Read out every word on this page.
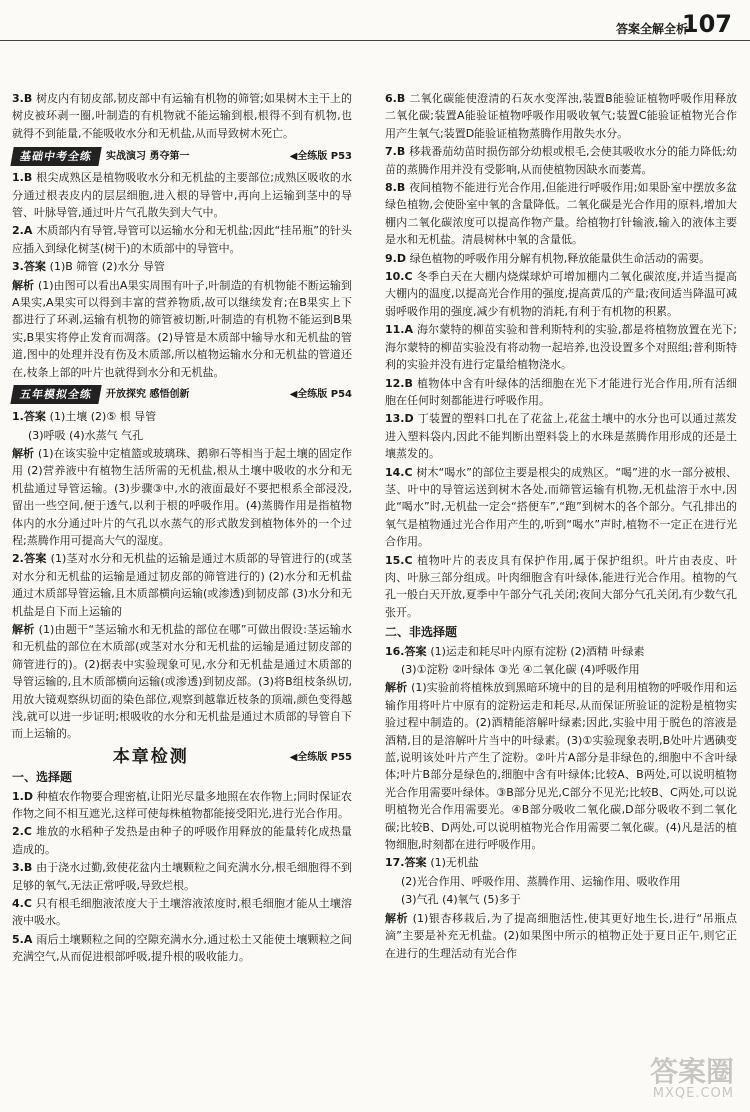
答案全解全析
107

3.B 树皮内有韧皮部,韧皮部中有运输有机物的筛管;如果树木主干上的树皮被环剥一圈,叶制造的有机物就不能运输到根,根得不到有机物,也就得不到能量,不能吸收水分和无机盐,从而导致树木死亡。

基础中考全练	实战演习 勇夺第一	◀全练版 P53

1.B 根尖成熟区是植物吸收水分和无机盐的主要部位;成熟区吸收的水分通过根表皮内的层层细胞,进入根的导管中,再向上运输到茎中的导管、叶脉导管,通过叶片气孔散失到大气中。

2.A 木质部内有导管,导管可以运输水分和无机盐;因此“挂吊瓶”的针头应插入到绿化树茎(树干)的木质部中的导管中。

3.答案 (1)B 筛管 (2)水分 导管

解析 (1)由图可以看出A果实周围有叶子,叶制造的有机物能不断运输到A果实,A果实可以得到丰富的营养物质,故可以继续发育;在B果实上下都进行了环剥,运输有机物的筛管被切断,叶制造的有机物不能运到B果实,B果实将停止发育而凋落。(2)导管是木质部中输导水和无机盐的管道,图中的处理并没有伤及木质部,所以植物运输水分和无机盐的管道还在,枝条上部的叶片也就得到水分和无机盐。

五年模拟全练	开放探究 感悟创新	◀全练版 P54

1.答案 (1)土壤 (2)⑤ 根 导管

(3)呼吸 (4)水蒸气 气孔

解析 (1)在该实验中定植篮或玻璃珠、鹅卵石等相当于起土壤的固定作用 (2)营养液中有植物生活所需的无机盐,根从土壤中吸收的水分和无机盐通过导管运输。(3)步骤③中,水的液面最好不要把根系全部浸没,留出一些空间,便于透气,以利于根的呼吸作用。(4)蒸腾作用是指植物体内的水分通过叶片的气孔以水蒸气的形式散发到植物体外的一个过程;蒸腾作用可提高大气的湿度。

2.答案 (1)茎对水分和无机盐的运输是通过木质部的导管进行的(或茎对水分和无机盐的运输是通过韧皮部的筛管进行的) (2)水分和无机盐通过木质部导管运输,且木质部横向运输(或渗透)到韧皮部 (3)水分和无机盐是自下而上运输的

解析 (1)由题干“茎运输水和无机盐的部位在哪”可做出假设:茎运输水和无机盐的部位在木质部(或茎对水分和无机盐的运输是通过韧皮部的筛管进行的)。(2)据表中实验现象可见,水分和无机盐是通过木质部的导管运输的,且木质部横向运输(或渗透)到韧皮部。(3)将B组枝条纵切,用放大镜观察纵切面的染色部位,观察到越靠近枝条的顶端,颜色变得越浅,就可以进一步证明;根吸收的水分和无机盐是通过木质部的导管自下而上运输的。

本章检测	◀全练版 P55
一、选择题

1.D 种植农作物要合理密植,让阳光尽量多地照在农作物上;同时保证农作物之间不相互遮光,这样可使每株植物都能接受阳光,进行光合作用。

2.C 堆放的水稻种子发热是由种子的呼吸作用释放的能量转化成热量造成的。

3.B 由于浇水过勤,致使花盆内土壤颗粒之间充满水分,根毛细胞得不到足够的氧气,无法正常呼吸,导致烂根。

4.C 只有根毛细胞液浓度大于土壤溶液浓度时,根毛细胞才能从土壤溶液中吸水。

5.A 雨后土壤颗粒之间的空隙充满水分,通过松土又能使土壤颗粒之间充满空气,从而促进根部呼吸,提升根的吸收能力。

6.B 二氧化碳能使澄清的石灰水变浑浊,装置B能验证植物呼吸作用释放二氧化碳;装置A能验证植物呼吸作用吸收氧气;装置C能验证植物光合作用产生氧气;装置D能验证植物蒸腾作用散失水分。

7.B 移栽番茄幼苗时损伤部分幼根或根毛,会使其吸收水分的能力降低;幼苗的蒸腾作用并没有受影响,从而使植物因缺水而萎蔫。

8.B 夜间植物不能进行光合作用,但能进行呼吸作用;如果卧室中摆放多盆绿色植物,会使卧室中氧的含量降低。二氧化碳是光合作用的原料,增加大棚内二氧化碳浓度可以提高作物产量。给植物打针输液,输入的液体主要是水和无机盐。清晨树林中氧的含量低。

9.D 绿色植物的呼吸作用分解有机物,释放能量供生命活动的需要。

10.C 冬季白天在大棚内烧煤球炉可增加棚内二氧化碳浓度,并适当提高大棚内的温度,以提高光合作用的强度,提高黄瓜的产量;夜间适当降温可减弱呼吸作用的强度,减少有机物的消耗,有利于有机物的积累。

11.A 海尔蒙特的柳苗实验和普利斯特利的实验,都是将植物放置在光下;海尔蒙特的柳苗实验没有将动物一起培养,也没设置多个对照组;普利斯特利的实验并没有进行定量给植物浇水。

12.B 植物体中含有叶绿体的活细胞在光下才能进行光合作用,所有活细胞在任何时刻都能进行呼吸作用。

13.D 丁装置的塑料口扎在了花盆上,花盆土壤中的水分也可以通过蒸发进入塑料袋内,因此不能判断出塑料袋上的水珠是蒸腾作用形成的还是土壤蒸发的。

14.C 树木“喝水”的部位主要是根尖的成熟区。“喝”进的水一部分被根、茎、叶中的导管运送到树木各处,而筛管运输有机物,无机盐溶于水中,因此“喝水”时,无机盐一定会“搭便车”,“跑”到树木的各个部分。气孔排出的氧气是植物通过光合作用产生的,听到“喝水”声时,植物不一定正在进行光合作用。

15.C 植物叶片的表皮具有保护作用,属于保护组织。叶片由表皮、叶肉、叶脉三部分组成。叶肉细胞含有叶绿体,能进行光合作用。植物的气孔一般白天开放,夏季中午部分气孔关闭;夜间大部分气孔关闭,有少数气孔张开。

二、非选择题

16.答案 (1)运走和耗尽叶内原有淀粉 (2)酒精 叶绿素

(3)①淀粉 ②叶绿体 ③光 ④二氧化碳 (4)呼吸作用

解析 (1)实验前将植株放到黑暗环境中的目的是利用植物的呼吸作用和运输作用将叶片中原有的淀粉运走和耗尽,从而保证所验证的淀粉是植物实验过程中制造的。(2)酒精能溶解叶绿素;因此,实验中用于脱色的溶液是酒精,目的是溶解叶片当中的叶绿素。(3)①实验现象表明,B处叶片遇碘变蓝,说明该处叶片产生了淀粉。②叶片A部分是非绿色的,细胞中不含叶绿体;叶片B部分是绿色的,细胞中含有叶绿体;比较A、B两处,可以说明植物光合作用需要叶绿体。③B部分见光,C部分不见光;比较B、C两处,可以说明植物光合作用需要光。④B部分吸收二氧化碳,D部分吸收不到二氧化碳;比较B、D两处,可以说明植物光合作用需要二氧化碳。(4)凡是活的植物细胞,时刻都在进行呼吸作用。

17.答案 (1)无机盐

(2)光合作用、呼吸作用、蒸腾作用、运输作用、吸收作用

(3)气孔 (4)氧气 (5)多于

解析 (1)银杏移栽后,为了提高细胞活性,使其更好地生长,进行“吊瓶点滴”主要是补充无机盐。(2)如果图中所示的植物正处于夏日正午,则它正在进行的生理活动有光合作

答案圈
MXQE.COM
